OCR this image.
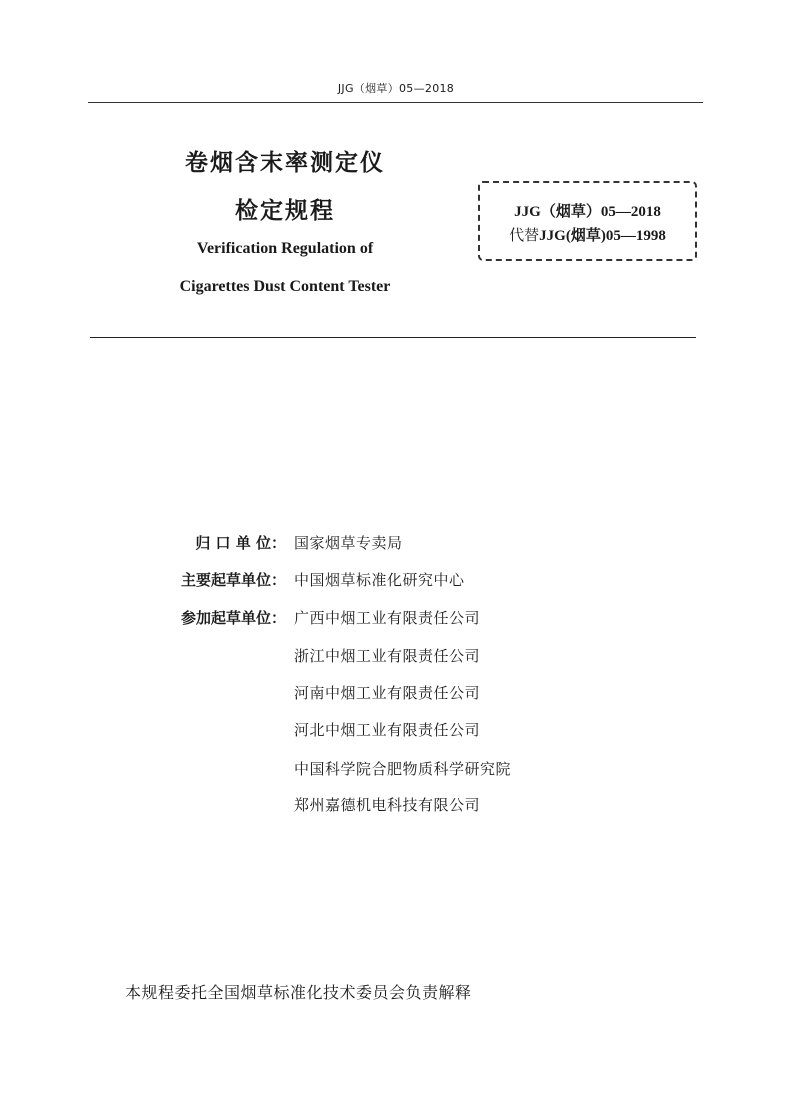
JJG（烟草）05—2018
卷烟含末率测定仪
检定规程
Verification Regulation of
Cigarettes Dust Content Tester
JJG（烟草）05—2018
代替JJG(烟草)05—1998
归 口 单 位： 国家烟草专卖局
主要起草单位： 中国烟草标准化研究中心
参加起草单位： 广西中烟工业有限责任公司
浙江中烟工业有限责任公司
河南中烟工业有限责任公司
河北中烟工业有限责任公司
中国科学院合肥物质科学研究院
郑州嘉德机电科技有限公司
本规程委托全国烟草标准化技术委员会负责解释
